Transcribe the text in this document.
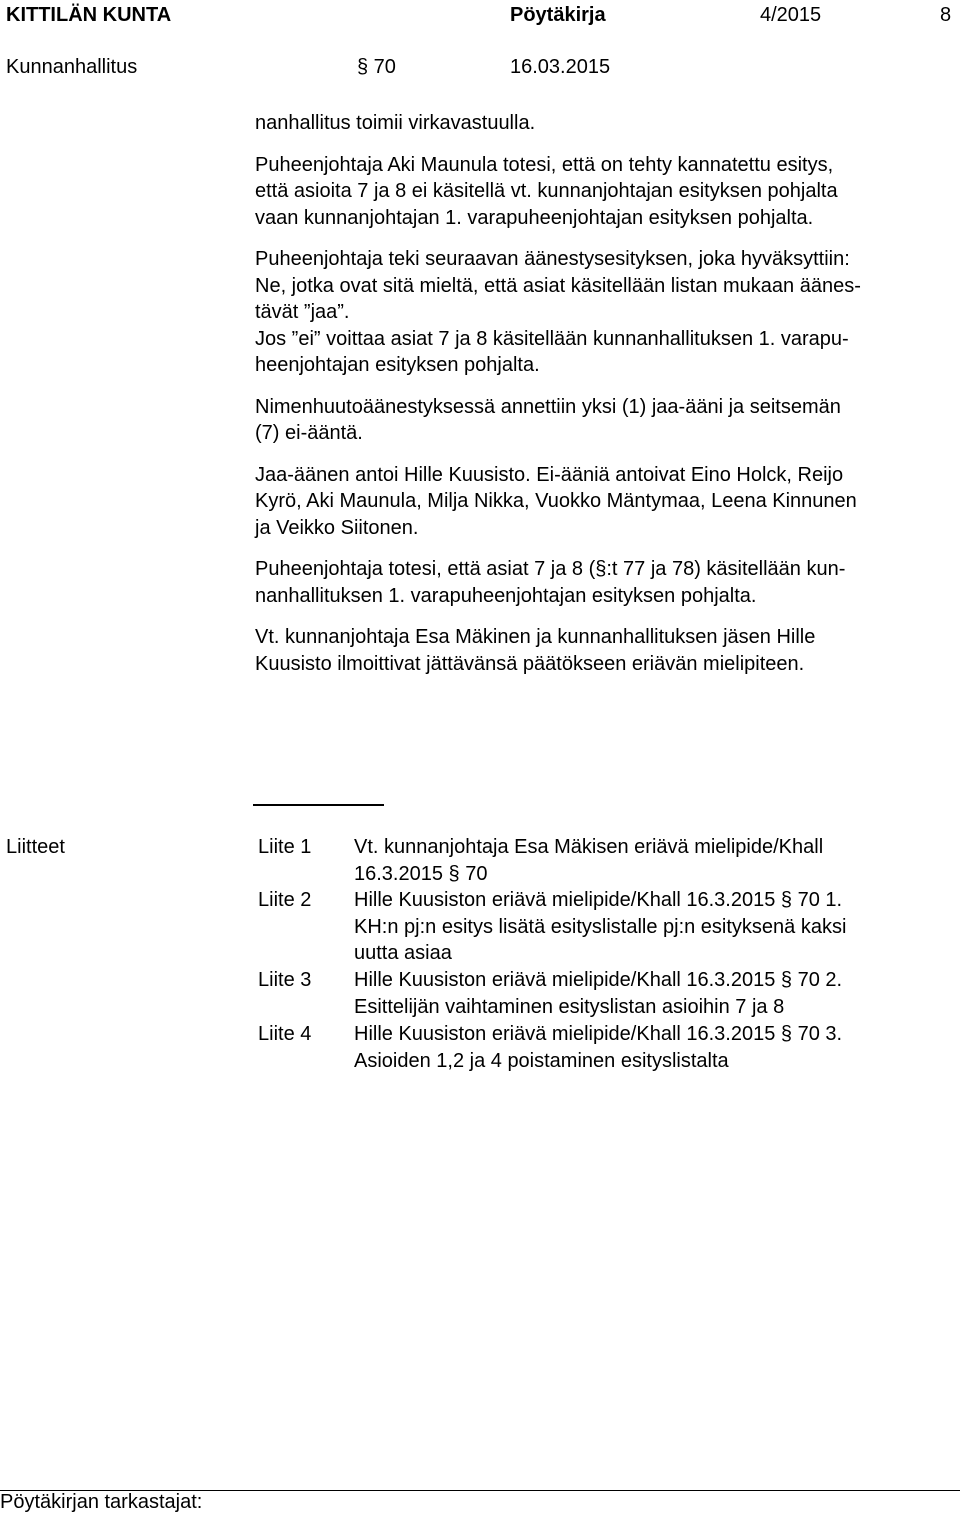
KITTILÄN KUNTA	Pöytäkirja	4/2015	8
Kunnanhallitus	§ 70	16.03.2015

nanhallitus toimii virkavastuulla.

Puheenjohtaja Aki Maunula totesi, että on tehty kannatettu esitys,
että asioita 7 ja 8 ei käsitellä vt. kunnanjohtajan esityksen pohjalta
vaan kunnanjohtajan 1. varapuheenjohtajan esityksen pohjalta.

Puheenjohtaja teki seuraavan äänestysesityksen, joka hyväksyttiin:
Ne, jotka ovat sitä mieltä, että asiat käsitellään listan mukaan äänes-
tävät ”jaa”.
Jos ”ei” voittaa asiat 7 ja 8 käsitellään kunnanhallituksen 1. varapu-
heenjohtajan esityksen pohjalta.

Nimenhuutoäänestyksessä annettiin yksi (1) jaa-ääni ja seitsemän
(7) ei-ääntä.

Jaa-äänen antoi Hille Kuusisto. Ei-ääniä antoivat Eino Holck, Reijo
Kyrö, Aki Maunula, Milja Nikka, Vuokko Mäntymaa, Leena Kinnunen
ja Veikko Siitonen.

Puheenjohtaja totesi, että asiat 7 ja 8 (§:t 77 ja 78) käsitellään kun-
nanhallituksen 1. varapuheenjohtajan esityksen pohjalta.

Vt. kunnanjohtaja Esa Mäkinen ja kunnanhallituksen jäsen Hille
Kuusisto ilmoittivat jättävänsä päätökseen eriävän mielipiteen.

Liitteet	Liite 1 Vt. kunnanjohtaja Esa Mäkisen eriävä mielipide/Khall
16.3.2015 § 70
Liite 2 Hille Kuusiston eriävä mielipide/Khall 16.3.2015 § 70 1.
KH:n pj:n esitys lisätä esityslistalle pj:n esityksenä kaksi
uutta asiaa
Liite 3 Hille Kuusiston eriävä mielipide/Khall 16.3.2015 § 70 2.
Esittelijän vaihtaminen esityslistan asioihin 7 ja 8
Liite 4 Hille Kuusiston eriävä mielipide/Khall 16.3.2015 § 70 3.
Asioiden 1,2 ja 4 poistaminen esityslistalta
Pöytäkirjan tarkastajat:
